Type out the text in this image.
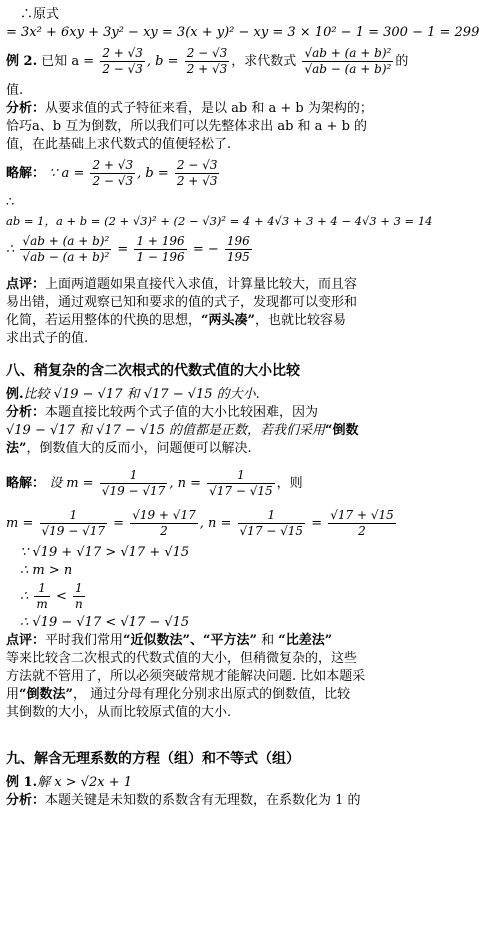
∴原式
= 3x² + 6xy + 3y² − xy = 3(x + y)² − xy = 3 × 10² − 1 = 300 − 1 = 299
例 2. 已知 $a = \frac{2 + √3}{2 - √3}$ , $b = \frac{2 - √3}{2 + √3}$ ，求代数式 $\frac{\text{√ab + (a + b)²}}{\text{√ab − (a + b)²}}$ 的
值.
分析：从要求值的式子特征来看，是以 ab 和 a + b 为架构的；
恰巧a、b 互为倒数，所以我们可以先整体求出 ab 和 a + b 的
值，在此基础上求代数式的值便轻松了.
略解： ∵ $a = \frac{2 + √3}{2 - √3}$ , $b = \frac{2 - √3}{2 + √3}$
∴
ab = 1，a + b = (2 + √3)² + (2 − √3)² = 4 + 4√3 + 3 + 4 − 4√3 + 3 = 14
∴ $\frac{\text{√ab + (a + b)²}}{\text{√ab − (a + b)²}} = \frac{1 + 196}{1 - 196}$ = − $\frac{196}{195}$
点评：上面两道题如果直接代入求值，计算量比较大，而且容
易出错，通过观察已知和要求的值的式子，发现都可以变形和
化简，若运用整体的代换的思想，“两头凑”，也就比较容易
求出式子的值.
八、稍复杂的含二次根式的代数式值的大小比较
例.比较 √19 − √17 和 √17 − √15 的大小.
分析：本题直接比较两个式子值的大小比较困难，因为
√19 − √17 和 √17 − √15 的值都是正数，若我们采用“倒数
法”，倒数值大的反而小，问题便可以解决.
略解： 设 $m = \frac{1}{√19 - √17}$ , $n = \frac{1}{√17 - √15}$ ，则
$m = \frac{1}{√19 - √17} = \frac{√19 + √17}{2}$ , $n = \frac{1}{√17 - √15} = \frac{√17 + √15}{2}$
∵ √19 + √17 > √17 + √15
∴ m > n
∴ $\frac{1}{m} < \frac{1}{n}$
∴ √19 − √17 < √17 − √15
点评：平时我们常用“近似数法”、“平方法” 和 “比差法”
等来比较含二次根式的代数式值的大小，但稍微复杂的，这些
方法就不管用了，所以必须突破常规才能解决问题. 比如本题采
用“倒数法”， 通过分母有理化分别求出原式的倒数值，比较
其倒数的大小，从而比较原式值的大小.
九、解含无理系数的方程（组）和不等式（组）
例 1.解 x > √2x + 1
分析：本题关键是未知数的系数含有无理数，在系数化为 1 的
